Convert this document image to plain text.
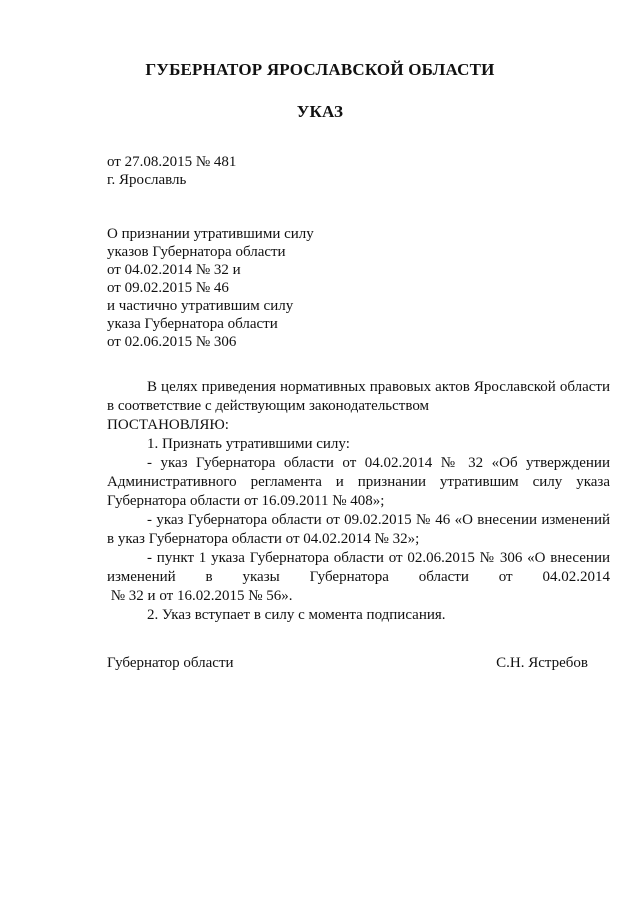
ГУБЕРНАТОР ЯРОСЛАВСКОЙ ОБЛАСТИ
УКАЗ
от 27.08.2015 № 481
г. Ярославль
О признании утратившими силу
указов Губернатора области
от 04.02.2014 № 32 и
от 09.02.2015 № 46
и частично утратившим силу
указа Губернатора области
от 02.06.2015 № 306

В целях приведения нормативных правовых актов Ярославской области в соответствие с действующим законодательством

ПОСТАНОВЛЯЮ:

1. Признать утратившими силу:

- указ Губернатора области от 04.02.2014 № 32 «Об утверждении Административного регламента и признании утратившим силу указа Губернатора области от 16.09.2011 № 408»;

- указ Губернатора области от 09.02.2015 № 46 «О внесении изменений в указ Губернатора области от 04.02.2014 № 32»;

- пункт 1 указа Губернатора области от 02.06.2015 № 306 «О внесении

изменений в указы Губернатора области от 04.02.2014

№ 32 и от 16.02.2015 № 56».

2. Указ вступает в силу с момента подписания.

Губернатор области	С.Н. Ястребов
